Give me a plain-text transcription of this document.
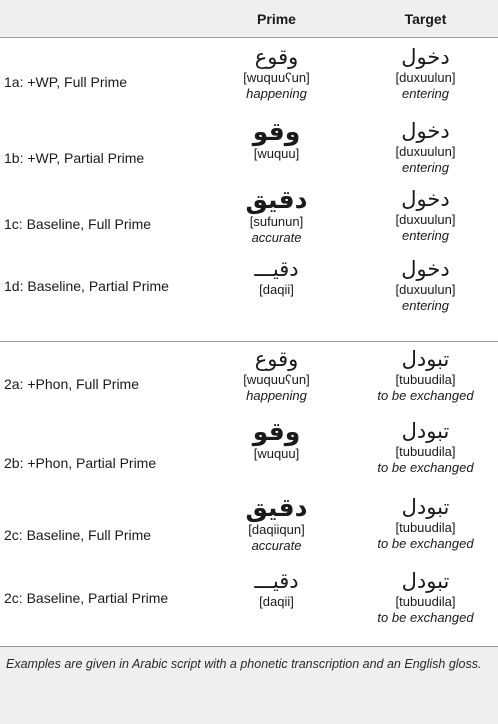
Prime	Target
1a: +WP, Full Prime
وقوع
[wuquuʕun]
happening
دخول
[duxuulun]
entering
1b: +WP, Partial Prime
وقو
[wuquu]
دخول
[duxuulun]
entering
1c: Baseline, Full Prime
دقيق
[sufunun]
accurate
دخول
[duxuulun]
entering
1d: Baseline, Partial Prime
دقيـــ
[daqii]
دخول
[duxuulun]
entering
2a: +Phon, Full Prime
وقوع
[wuquuʕun]
happening
تبودل
[tubuudila]
to be exchanged
2b: +Phon, Partial Prime
وقو
[wuquu]
تبودل
[tubuudila]
to be exchanged
2c: Baseline, Full Prime
دقيق
[daqiiqun]
accurate
تبودل
[tubuudila]
to be exchanged
2c: Baseline, Partial Prime
دقيـــ
[daqii]
تبودل
[tubuudila]
to be exchanged
Examples are given in Arabic script with a phonetic transcription and an English gloss.
